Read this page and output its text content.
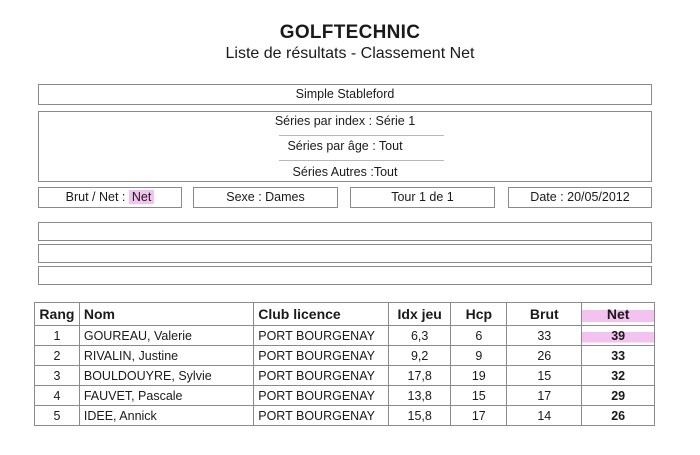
GOLFTECHNIC
Liste de résultats - Classement Net
Simple Stableford
Séries par index : Série 1
Séries par âge : Tout
Séries Autres :Tout
Brut / Net : Net	Sexe : Dames	Tour 1 de 1	Date : 20/05/2012
Rang	Nom	Club licence	Idx jeu	Hcp	Brut	Net
1	GOUREAU, Valerie	PORT BOURGENAY	6,3	6	33	39
2	RIVALIN, Justine	PORT BOURGENAY	9,2	9	26	33
3	BOULDOUYRE, Sylvie	PORT BOURGENAY	17,8	19	15	32
4	FAUVET, Pascale	PORT BOURGENAY	13,8	15	17	29
5	IDEE, Annick	PORT BOURGENAY	15,8	17	14	26
